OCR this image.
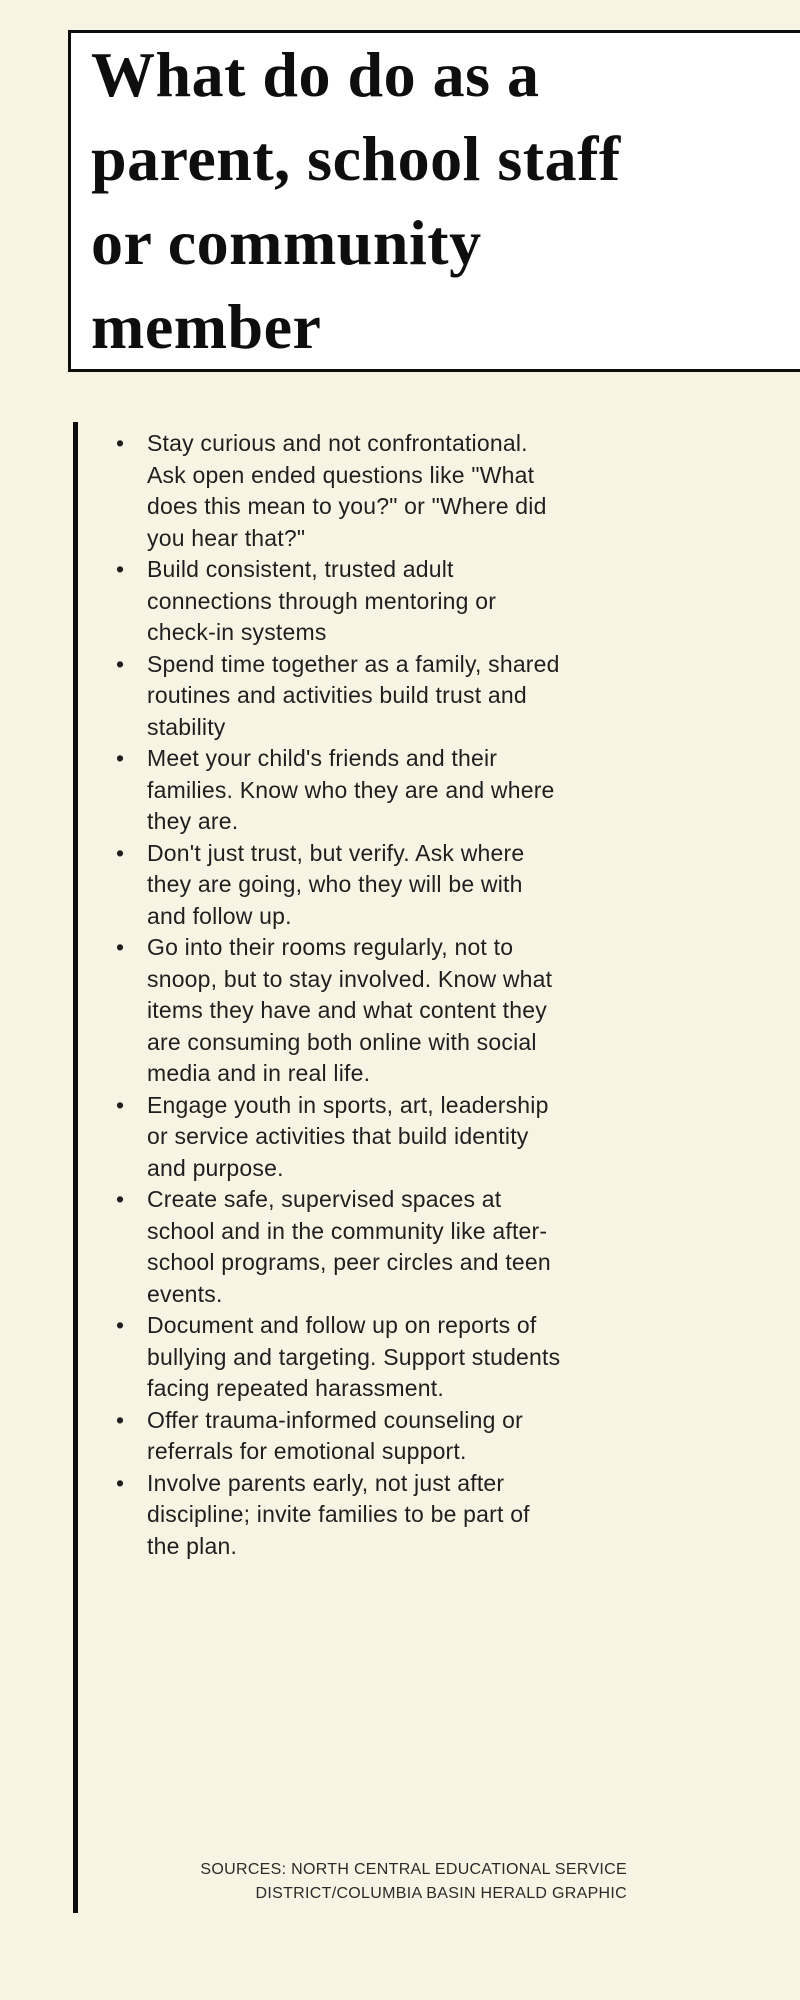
What do do as a
parent, school staff
or community
member
•
Stay curious and not confrontational. Ask open ended questions like "What does this mean to you?" or "Where did you hear that?"
•
Build consistent, trusted adult connections through mentoring or check-in systems
•
Spend time together as a family, shared routines and activities build trust and stability
•
Meet your child's friends and their families. Know who they are and where they are.
•
Don't just trust, but verify. Ask where they are going, who they will be with and follow up.
•
Go into their rooms regularly, not to snoop, but to stay involved. Know what items they have and what content they are consuming both online with social media and in real life.
•
Engage youth in sports, art, leadership or service activities that build identity and purpose.
•
Create safe, supervised spaces at school and in the community like after-school programs, peer circles and teen events.
•
Document and follow up on reports of bullying and targeting. Support students facing repeated harassment.
•
Offer trauma-informed counseling or referrals for emotional support.
•
Involve parents early, not just after discipline; invite families to be part of the plan.
SOURCES: NORTH CENTRAL EDUCATIONAL SERVICE
DISTRICT/COLUMBIA BASIN HERALD GRAPHIC
